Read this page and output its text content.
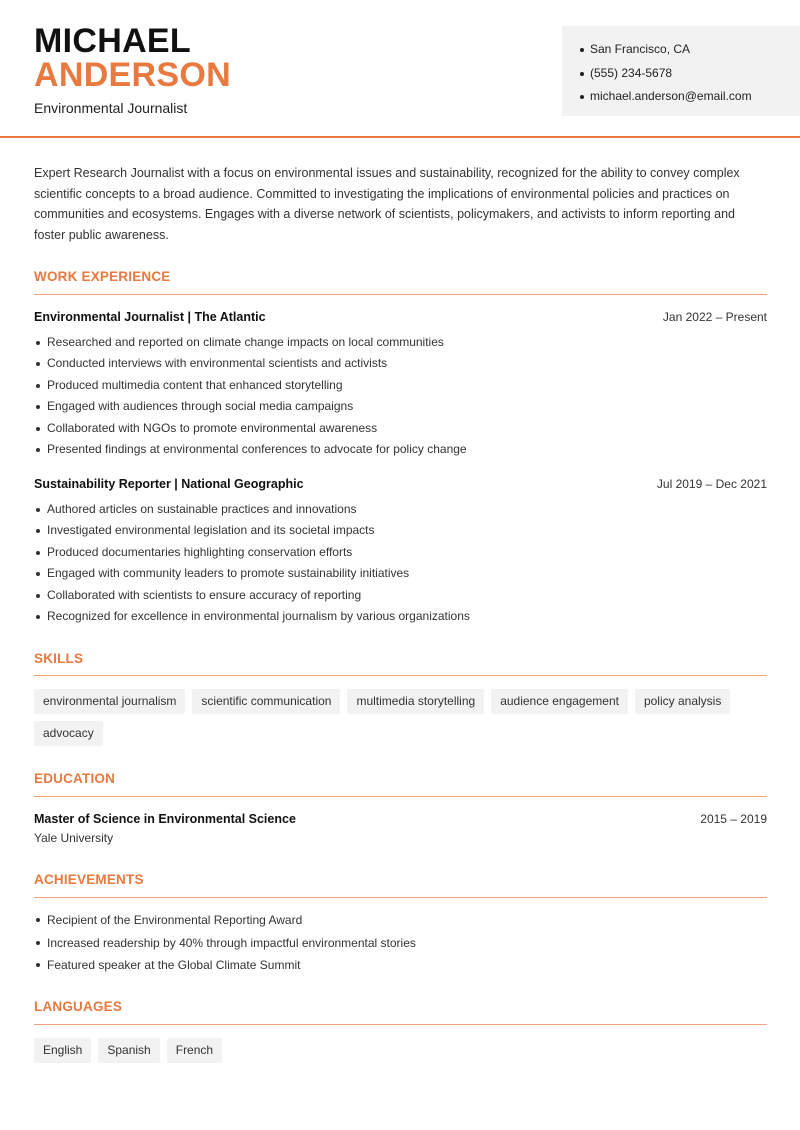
MICHAEL
ANDERSON
Environmental Journalist
San Francisco, CA
(555) 234-5678
michael.anderson@email.com

Expert Research Journalist with a focus on environmental issues and sustainability, recognized for the ability to convey complex scientific concepts to a broad audience. Committed to investigating the implications of environmental policies and practices on communities and ecosystems. Engages with a diverse network of scientists, policymakers, and activists to inform reporting and foster public awareness.

WORK EXPERIENCE
Environmental Journalist | The Atlantic	Jan 2022 – Present
Researched and reported on climate change impacts on local communities
Conducted interviews with environmental scientists and activists
Produced multimedia content that enhanced storytelling
Engaged with audiences through social media campaigns
Collaborated with NGOs to promote environmental awareness
Presented findings at environmental conferences to advocate for policy change
Sustainability Reporter | National Geographic	Jul 2019 – Dec 2021
Authored articles on sustainable practices and innovations
Investigated environmental legislation and its societal impacts
Produced documentaries highlighting conservation efforts
Engaged with community leaders to promote sustainability initiatives
Collaborated with scientists to ensure accuracy of reporting
Recognized for excellence in environmental journalism by various organizations
SKILLS
environmental journalism	scientific communication	multimedia storytelling	audience engagement	policy analysis
advocacy
EDUCATION
Master of Science in Environmental Science	2015 – 2019
Yale University
ACHIEVEMENTS
Recipient of the Environmental Reporting Award
Increased readership by 40% through impactful environmental stories
Featured speaker at the Global Climate Summit
LANGUAGES
English	Spanish	French
